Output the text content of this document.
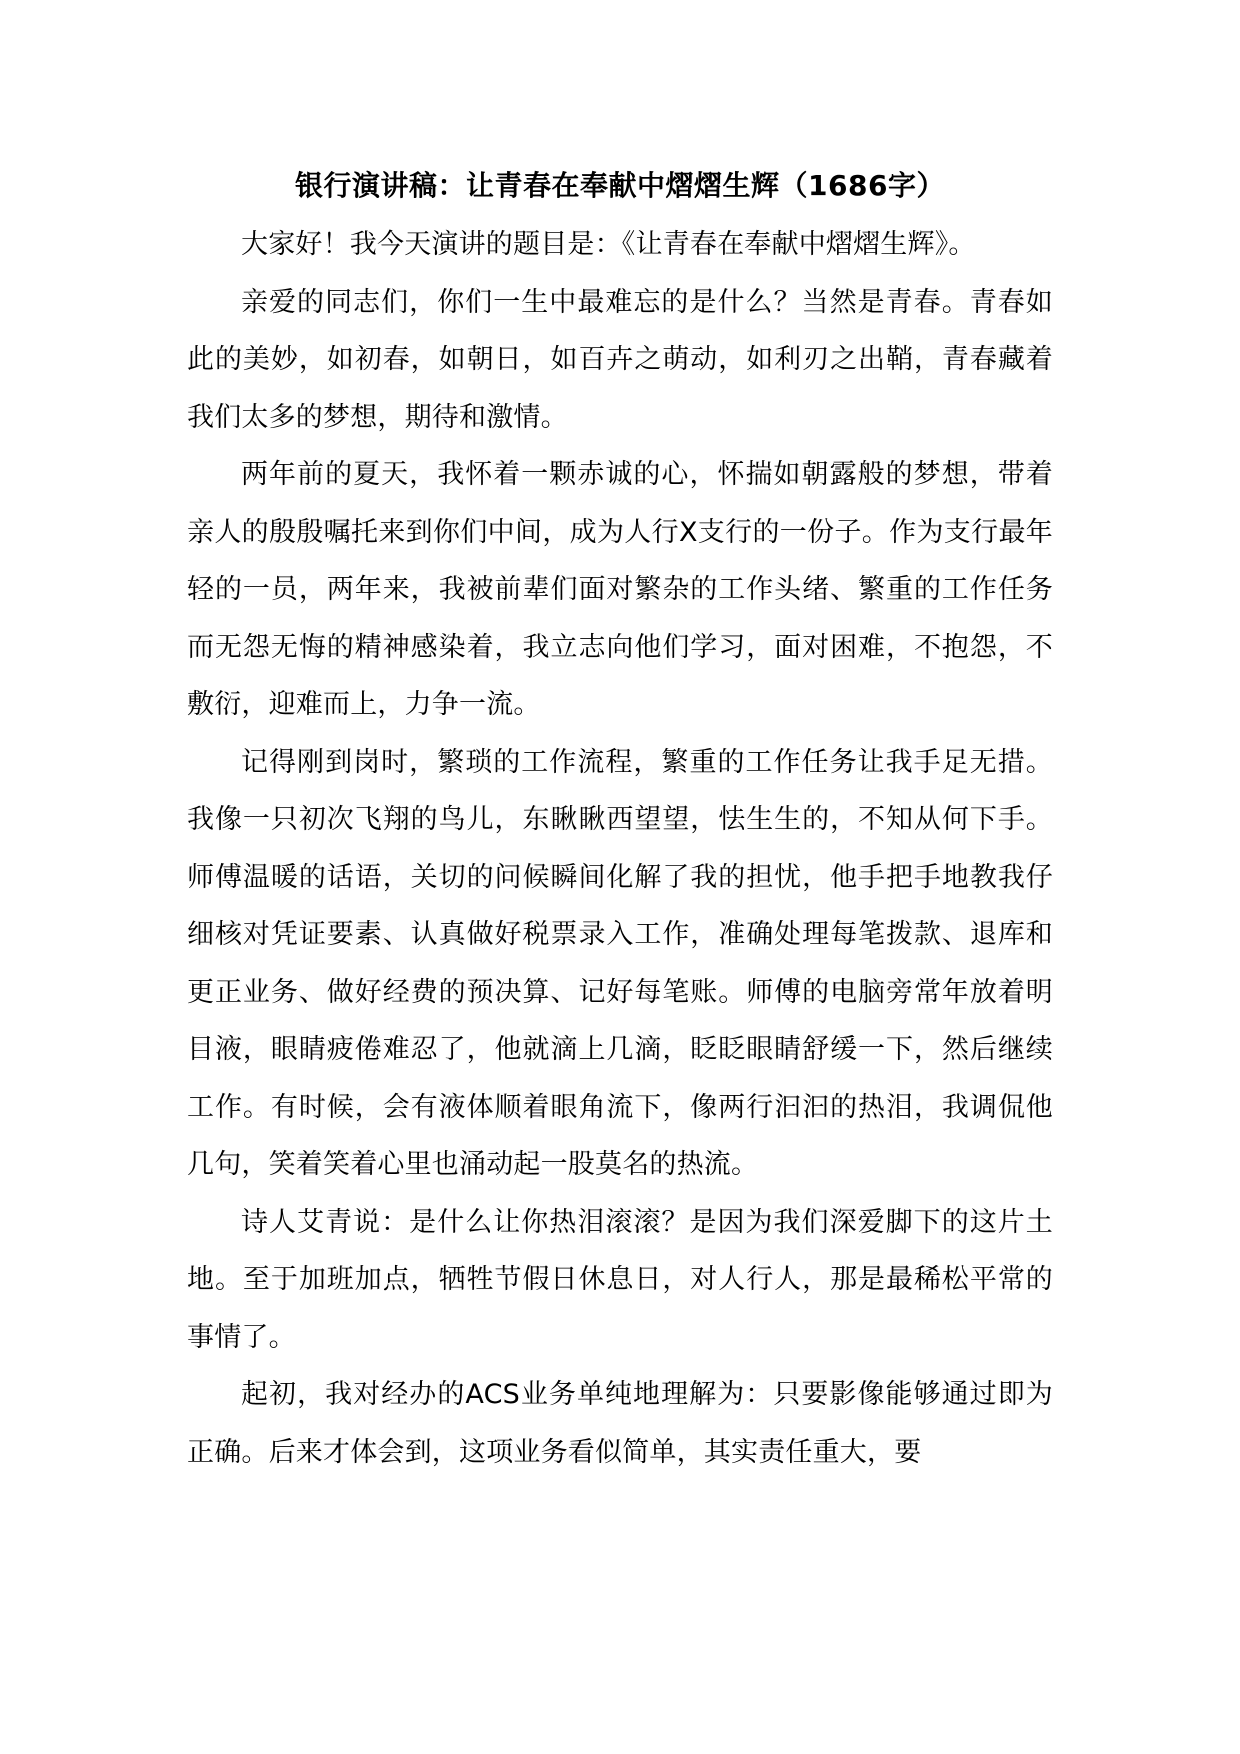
银行演讲稿：让青春在奉献中熠熠生辉（1686字）

大家好！我今天演讲的题目是：《让青春在奉献中熠熠生辉》。

亲爱的同志们，你们一生中最难忘的是什么？当然是青春。青春如此的美妙，如初春，如朝日，如百卉之萌动，如利刃之出鞘，青春藏着我们太多的梦想，期待和激情。

两年前的夏天，我怀着一颗赤诚的心，怀揣如朝露般的梦想，带着亲人的殷殷嘱托来到你们中间，成为人行X支行的一份子。作为支行最年轻的一员，两年来，我被前辈们面对繁杂的工作头绪、繁重的工作任务而无怨无悔的精神感染着，我立志向他们学习，面对困难，不抱怨，不敷衍，迎难而上，力争一流。

记得刚到岗时，繁琐的工作流程，繁重的工作任务让我手足无措。我像一只初次飞翔的鸟儿，东瞅瞅西望望，怯生生的，不知从何下手。师傅温暖的话语，关切的问候瞬间化解了我的担忧，他手把手地教我仔细核对凭证要素、认真做好税票录入工作，准确处理每笔拨款、退库和更正业务、做好经费的预决算、记好每笔账。师傅的电脑旁常年放着明目液，眼睛疲倦难忍了，他就滴上几滴，眨眨眼睛舒缓一下，然后继续工作。有时候，会有液体顺着眼角流下，像两行汩汩的热泪，我调侃他几句，笑着笑着心里也涌动起一股莫名的热流。

诗人艾青说：是什么让你热泪滚滚？是因为我们深爱脚下的这片土地。至于加班加点，牺牲节假日休息日，对人行人，那是最稀松平常的事情了。

起初，我对经办的ACS业务单纯地理解为：只要影像能够通过即为正确。后来才体会到，这项业务看似简单，其实责任重大，要
